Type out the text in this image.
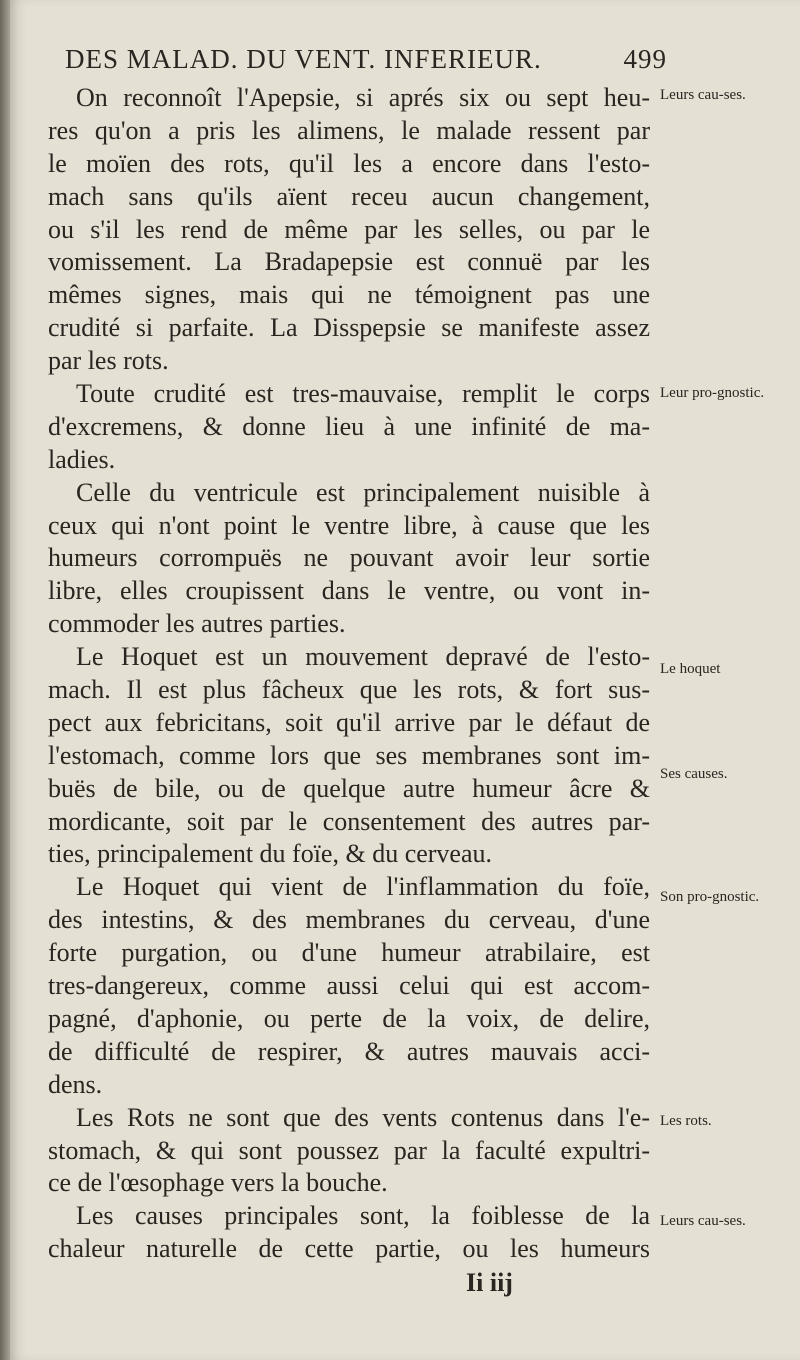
DES MALAD. DU VENT. INFERIEUR.	499
On reconnoît l'Apepsie, si aprés six ou sept heu-
res qu'on a pris les alimens, le malade ressent par
le moïen des rots, qu'il les a encore dans l'esto-
mach sans qu'ils aïent receu aucun changement,
ou s'il les rend de même par les selles, ou par le
vomissement. La Bradapepsie est connuë par les
mêmes signes, mais qui ne témoignent pas une
crudité si parfaite. La Disspepsie se manifeste assez
par les rots.
Toute crudité est tres-mauvaise, remplit le corps
d'excremens, & donne lieu à une infinité de ma-
ladies.
Celle du ventricule est principalement nuisible à
ceux qui n'ont point le ventre libre, à cause que les
humeurs corrompuës ne pouvant avoir leur sortie
libre, elles croupissent dans le ventre, ou vont in-
commoder les autres parties.
Le Hoquet est un mouvement depravé de l'esto-
mach. Il est plus fâcheux que les rots, & fort sus-
pect aux febricitans, soit qu'il arrive par le défaut de
l'estomach, comme lors que ses membranes sont im-
buës de bile, ou de quelque autre humeur âcre &
mordicante, soit par le consentement des autres par-
ties, principalement du foïe, & du cerveau.
Le Hoquet qui vient de l'inflammation du foïe,
des intestins, & des membranes du cerveau, d'une
forte purgation, ou d'une humeur atrabilaire, est
tres-dangereux, comme aussi celui qui est accom-
pagné, d'aphonie, ou perte de la voix, de delire,
de difficulté de respirer, & autres mauvais acci-
dens.
Les Rots ne sont que des vents contenus dans l'e-
stomach, & qui sont poussez par la faculté expultri-
ce de l'œsophage vers la bouche.
Les causes principales sont, la foiblesse de la
chaleur naturelle de cette partie, ou les humeurs
Leurs cau-ses.
Leur pro-gnostic.
Le hoquet
Ses causes.
Son pro-gnostic.
Les rots.
Leurs cau-ses.
Ii iij
